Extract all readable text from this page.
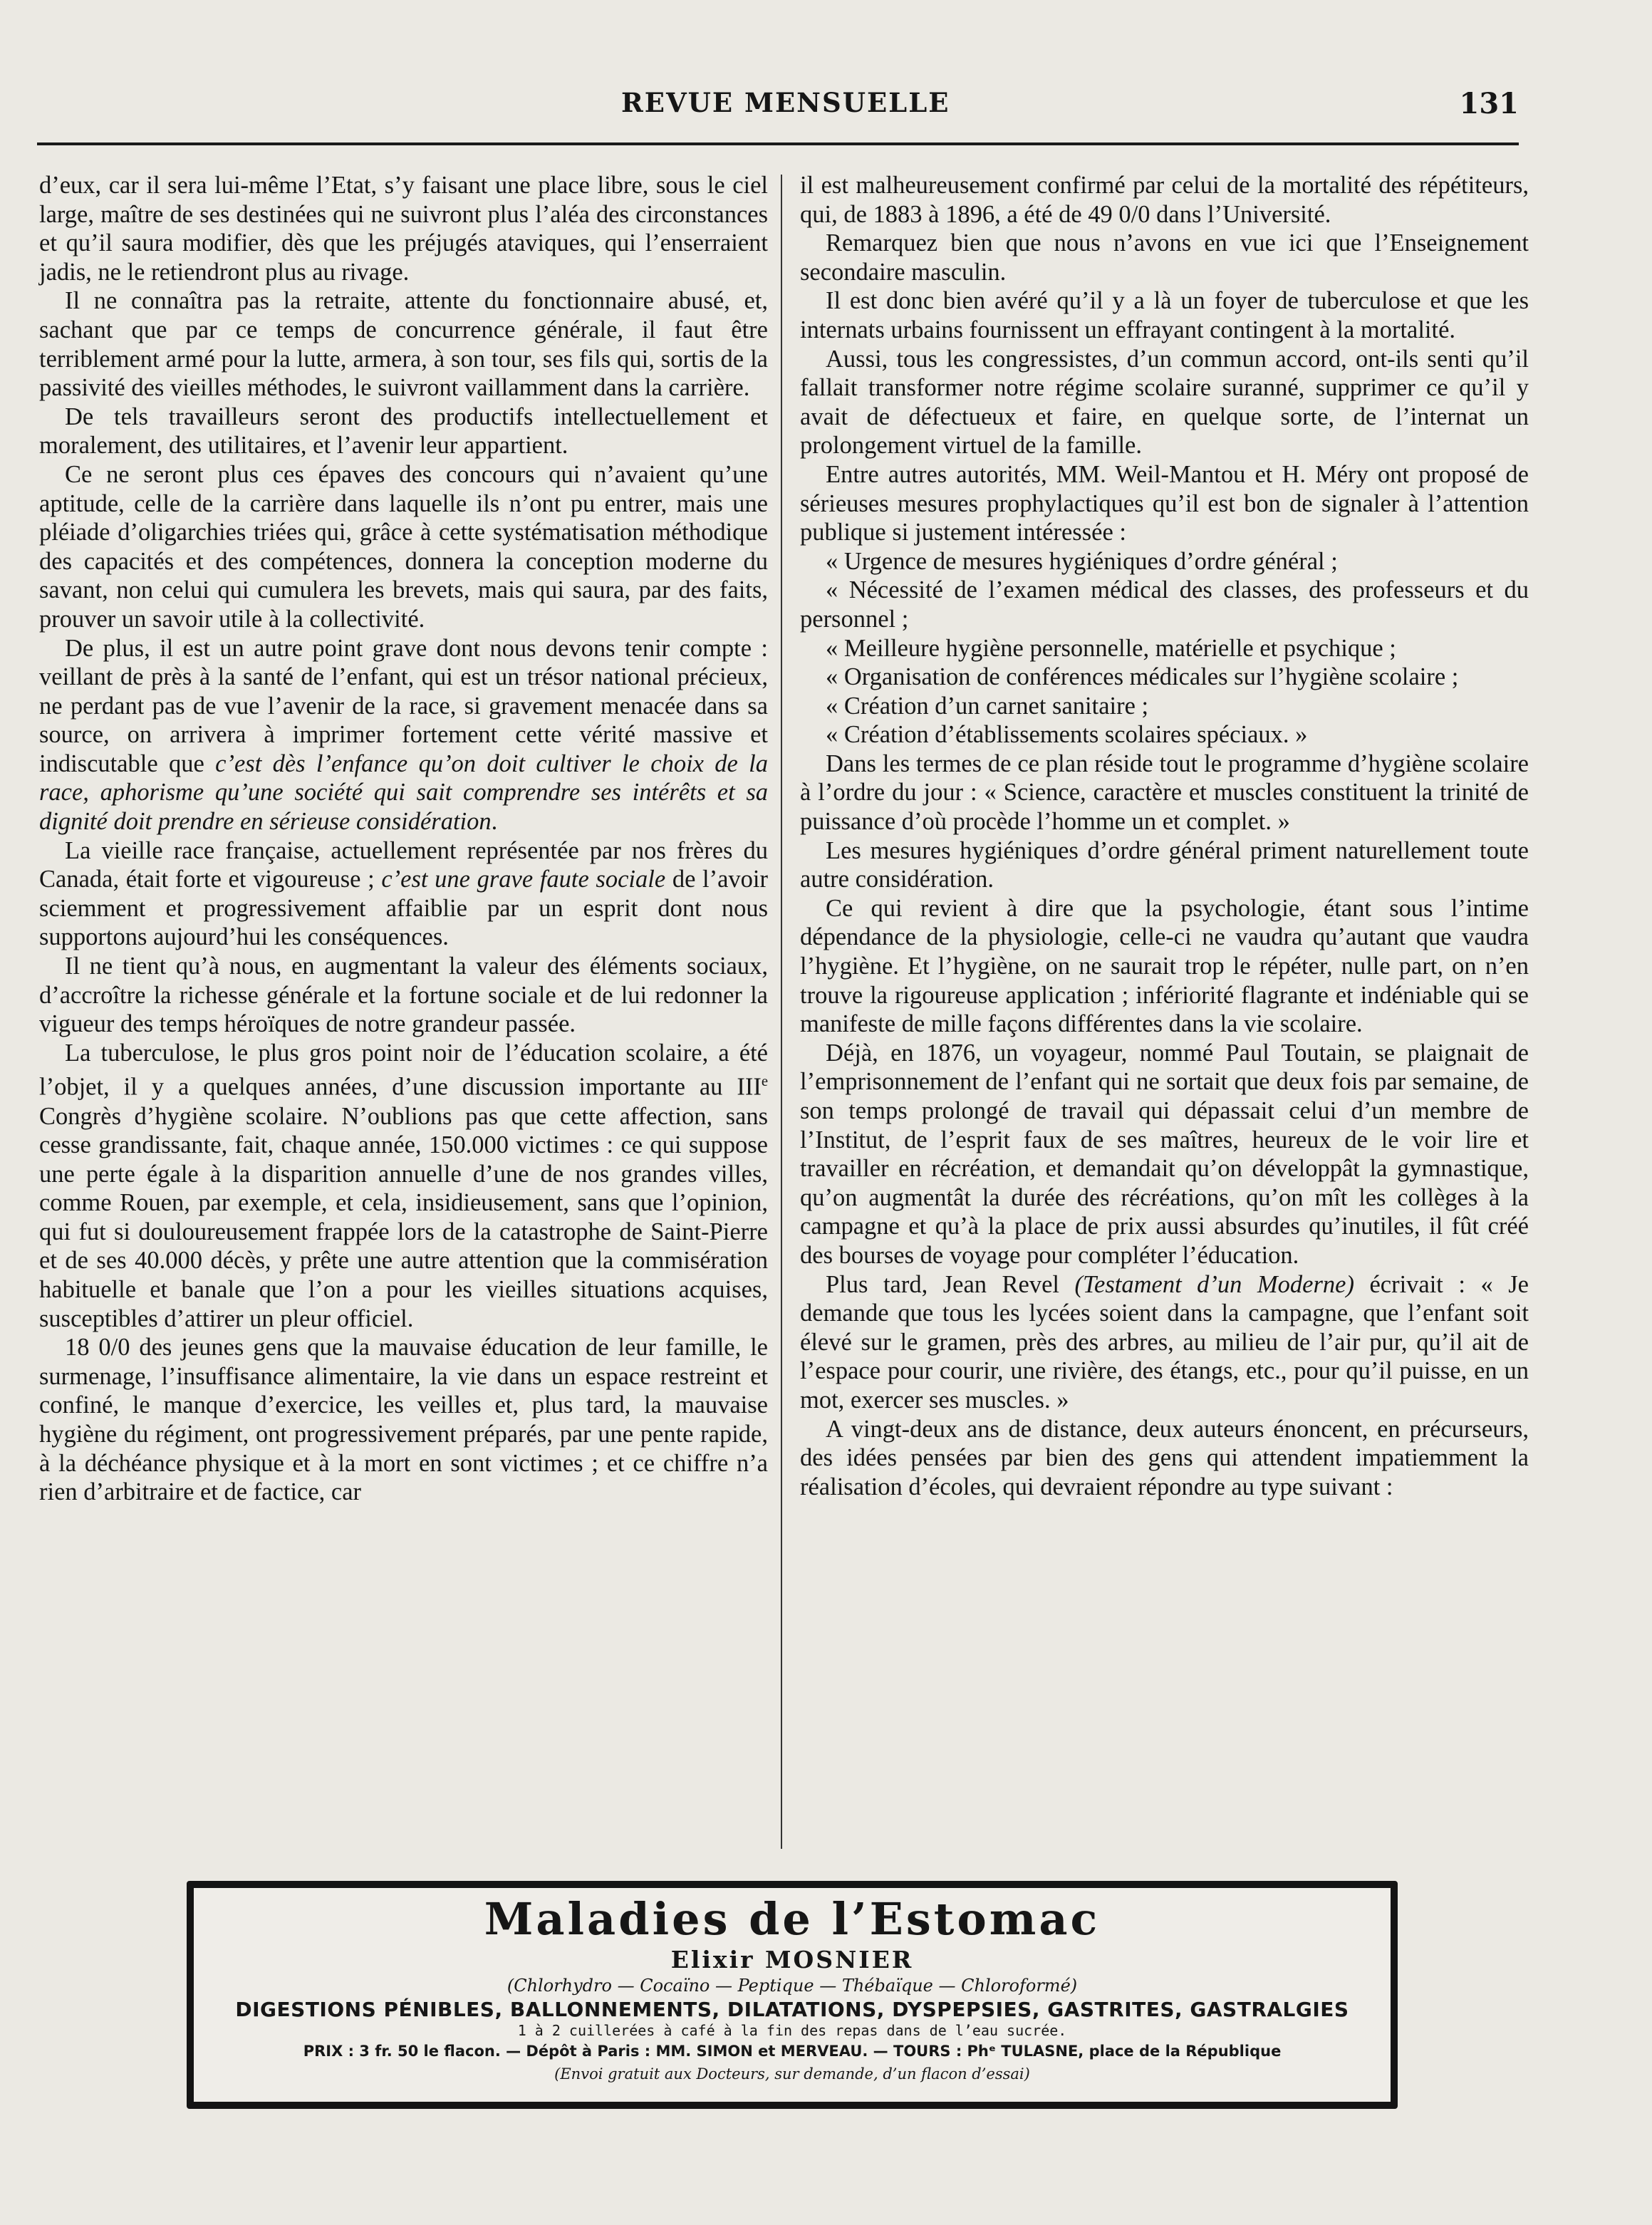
REVUE MENSUELLE	131

d’eux, car il sera lui-même l’Etat, s’y faisant une place libre, sous le ciel large, maître de ses destinées qui ne suivront plus l’aléa des circonstances et qu’il saura modifier, dès que les préjugés ataviques, qui l’enserraient jadis, ne le retiendront plus au rivage.

Il ne connaîtra pas la retraite, attente du fonctionnaire abusé, et, sachant que par ce temps de concurrence générale, il faut être terriblement armé pour la lutte, armera, à son tour, ses fils qui, sortis de la passivité des vieilles méthodes, le suivront vaillamment dans la carrière.

De tels travailleurs seront des productifs intellectuellement et moralement, des utilitaires, et l’avenir leur appartient.

Ce ne seront plus ces épaves des concours qui n’avaient qu’une aptitude, celle de la carrière dans laquelle ils n’ont pu entrer, mais une pléiade d’oligarchies triées qui, grâce à cette systématisation méthodique des capacités et des compétences, donnera la conception moderne du savant, non celui qui cumulera les brevets, mais qui saura, par des faits, prouver un savoir utile à la collectivité.

De plus, il est un autre point grave dont nous devons tenir compte : veillant de près à la santé de l’enfant, qui est un trésor national précieux, ne perdant pas de vue l’avenir de la race, si gravement menacée dans sa source, on arrivera à imprimer fortement cette vérité massive et indiscutable que c’est dès l’enfance qu’on doit cultiver le choix de la race, aphorisme qu’une société qui sait comprendre ses intérêts et sa dignité doit prendre en sérieuse considération.

La vieille race française, actuellement représentée par nos frères du Canada, était forte et vigoureuse ; c’est une grave faute sociale de l’avoir sciemment et progressivement affaiblie par un esprit dont nous supportons aujourd’hui les conséquences.

Il ne tient qu’à nous, en augmentant la valeur des éléments sociaux, d’accroître la richesse générale et la fortune sociale et de lui redonner la vigueur des temps héroïques de notre grandeur passée.

La tuberculose, le plus gros point noir de l’éducation scolaire, a été l’objet, il y a quelques années, d’une discussion importante au IIIe Congrès d’hygiène scolaire. N’oublions pas que cette affection, sans cesse grandissante, fait, chaque année, 150.000 victimes : ce qui suppose une perte égale à la disparition annuelle d’une de nos grandes villes, comme Rouen, par exemple, et cela, insidieusement, sans que l’opinion, qui fut si douloureusement frappée lors de la catastrophe de Saint-Pierre et de ses 40.000 décès, y prête une autre attention que la commisération habituelle et banale que l’on a pour les vieilles situations acquises, susceptibles d’attirer un pleur officiel.

18 0/0 des jeunes gens que la mauvaise éducation de leur famille, le surmenage, l’insuffisance alimentaire, la vie dans un espace restreint et confiné, le manque d’exercice, les veilles et, plus tard, la mauvaise hygiène du régiment, ont progressivement préparés, par une pente rapide, à la déchéance physique et à la mort en sont victimes ; et ce chiffre n’a rien d’arbitraire et de factice, car

il est malheureusement confirmé par celui de la mortalité des répétiteurs, qui, de 1883 à 1896, a été de 49 0/0 dans l’Université.

Remarquez bien que nous n’avons en vue ici que l’Enseignement secondaire masculin.

Il est donc bien avéré qu’il y a là un foyer de tuberculose et que les internats urbains fournissent un effrayant contingent à la mortalité.

Aussi, tous les congressistes, d’un commun accord, ont-ils senti qu’il fallait transformer notre régime scolaire suranné, supprimer ce qu’il y avait de défectueux et faire, en quelque sorte, de l’internat un prolongement virtuel de la famille.

Entre autres autorités, MM. Weil-Mantou et H. Méry ont proposé de sérieuses mesures prophylactiques qu’il est bon de signaler à l’attention publique si justement intéressée :

« Urgence de mesures hygiéniques d’ordre général ;

« Nécessité de l’examen médical des classes, des professeurs et du personnel ;

« Meilleure hygiène personnelle, matérielle et psychique ;

« Organisation de conférences médicales sur l’hygiène scolaire ;

« Création d’un carnet sanitaire ;

« Création d’établissements scolaires spéciaux. »

Dans les termes de ce plan réside tout le programme d’hygiène scolaire à l’ordre du jour : « Science, caractère et muscles constituent la trinité de puissance d’où procède l’homme un et complet. »

Les mesures hygiéniques d’ordre général priment naturellement toute autre considération.

Ce qui revient à dire que la psychologie, étant sous l’intime dépendance de la physiologie, celle-ci ne vaudra qu’autant que vaudra l’hygiène. Et l’hygiène, on ne saurait trop le répéter, nulle part, on n’en trouve la rigoureuse application ; infériorité flagrante et indéniable qui se manifeste de mille façons différentes dans la vie scolaire.

Déjà, en 1876, un voyageur, nommé Paul Toutain, se plaignait de l’emprisonnement de l’enfant qui ne sortait que deux fois par semaine, de son temps prolongé de travail qui dépassait celui d’un membre de l’Institut, de l’esprit faux de ses maîtres, heureux de le voir lire et travailler en récréation, et demandait qu’on développât la gymnastique, qu’on augmentât la durée des récréations, qu’on mît les collèges à la campagne et qu’à la place de prix aussi absurdes qu’inutiles, il fût créé des bourses de voyage pour compléter l’éducation.

Plus tard, Jean Revel (Testament d’un Moderne) écrivait : « Je demande que tous les lycées soient dans la campagne, que l’enfant soit élevé sur le gramen, près des arbres, au milieu de l’air pur, qu’il ait de l’espace pour courir, une rivière, des étangs, etc., pour qu’il puisse, en un mot, exercer ses muscles. »

A vingt-deux ans de distance, deux auteurs énoncent, en précurseurs, des idées pensées par bien des gens qui attendent impatiemment la réalisation d’écoles, qui devraient répondre au type suivant :

Maladies de l’Estomac
Elixir MOSNIER
(Chlorhydro — Cocaïno — Peptique — Thébaïque — Chloroformé)
DIGESTIONS PÉNIBLES, BALLONNEMENTS, DILATATIONS, DYSPEPSIES, GASTRITES, GASTRALGIES
1 à 2 cuillerées à café à la fin des repas dans de l’eau sucrée.
PRIX : 3 fr. 50 le flacon. — Dépôt à Paris : MM. SIMON et MERVEAU. — TOURS : Phᵉ TULASNE, place de la République
(Envoi gratuit aux Docteurs, sur demande, d’un flacon d’essai)
